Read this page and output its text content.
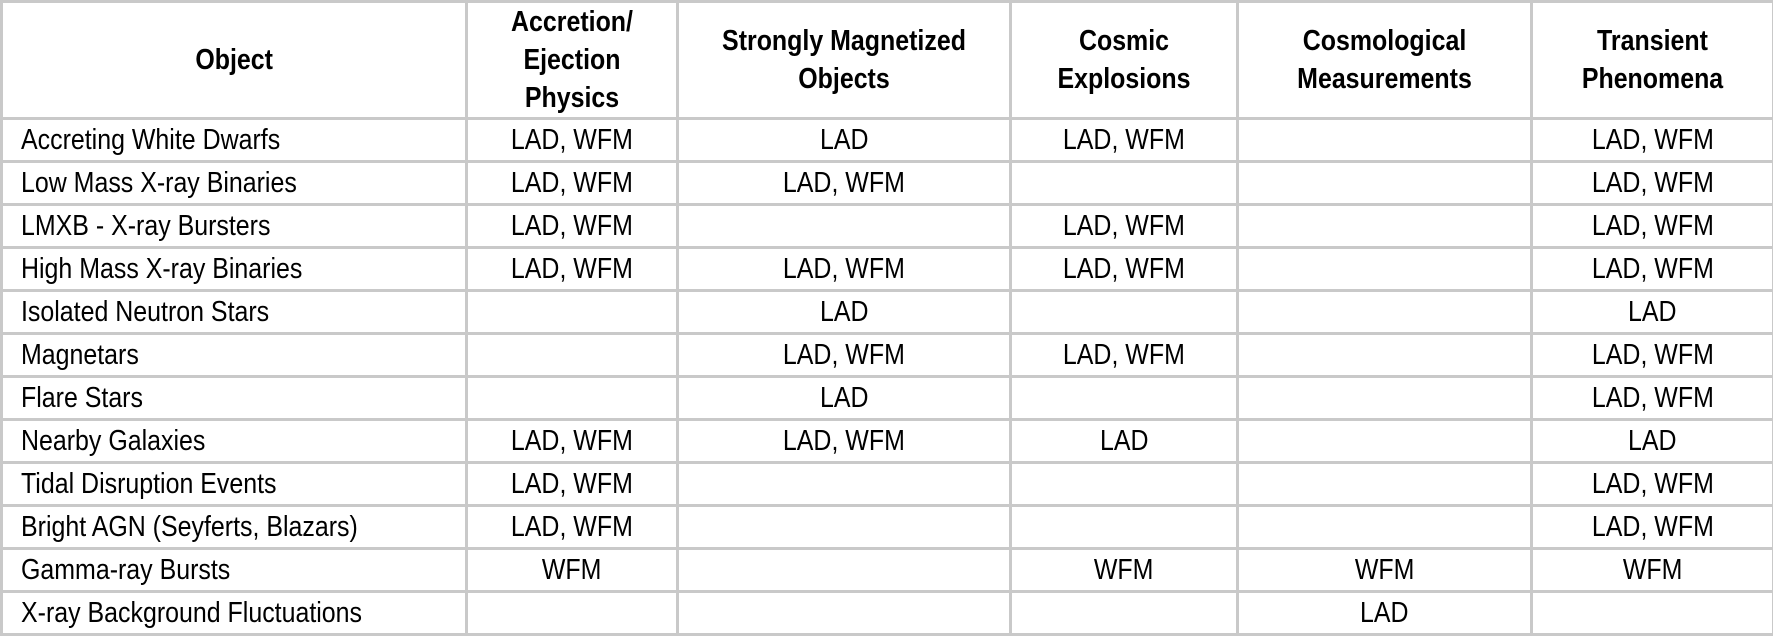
Object	Accretion/ Ejection Physics	Strongly Magnetized Objects	Cosmic Explosions	Cosmological Measurements	Transient Phenomena
Accreting White Dwarfs	LAD, WFM	LAD	LAD, WFM		LAD, WFM
Low Mass X-ray Binaries	LAD, WFM	LAD, WFM			LAD, WFM
LMXB - X-ray Bursters	LAD, WFM		LAD, WFM		LAD, WFM
High Mass X-ray Binaries	LAD, WFM	LAD, WFM	LAD, WFM		LAD, WFM
Isolated Neutron Stars		LAD			LAD
Magnetars		LAD, WFM	LAD, WFM		LAD, WFM
Flare Stars		LAD			LAD, WFM
Nearby Galaxies	LAD, WFM	LAD, WFM	LAD		LAD
Tidal Disruption Events	LAD, WFM				LAD, WFM
Bright AGN (Seyferts, Blazars)	LAD, WFM				LAD, WFM
Gamma-ray Bursts	WFM		WFM	WFM	WFM
X-ray Background Fluctuations				LAD	
